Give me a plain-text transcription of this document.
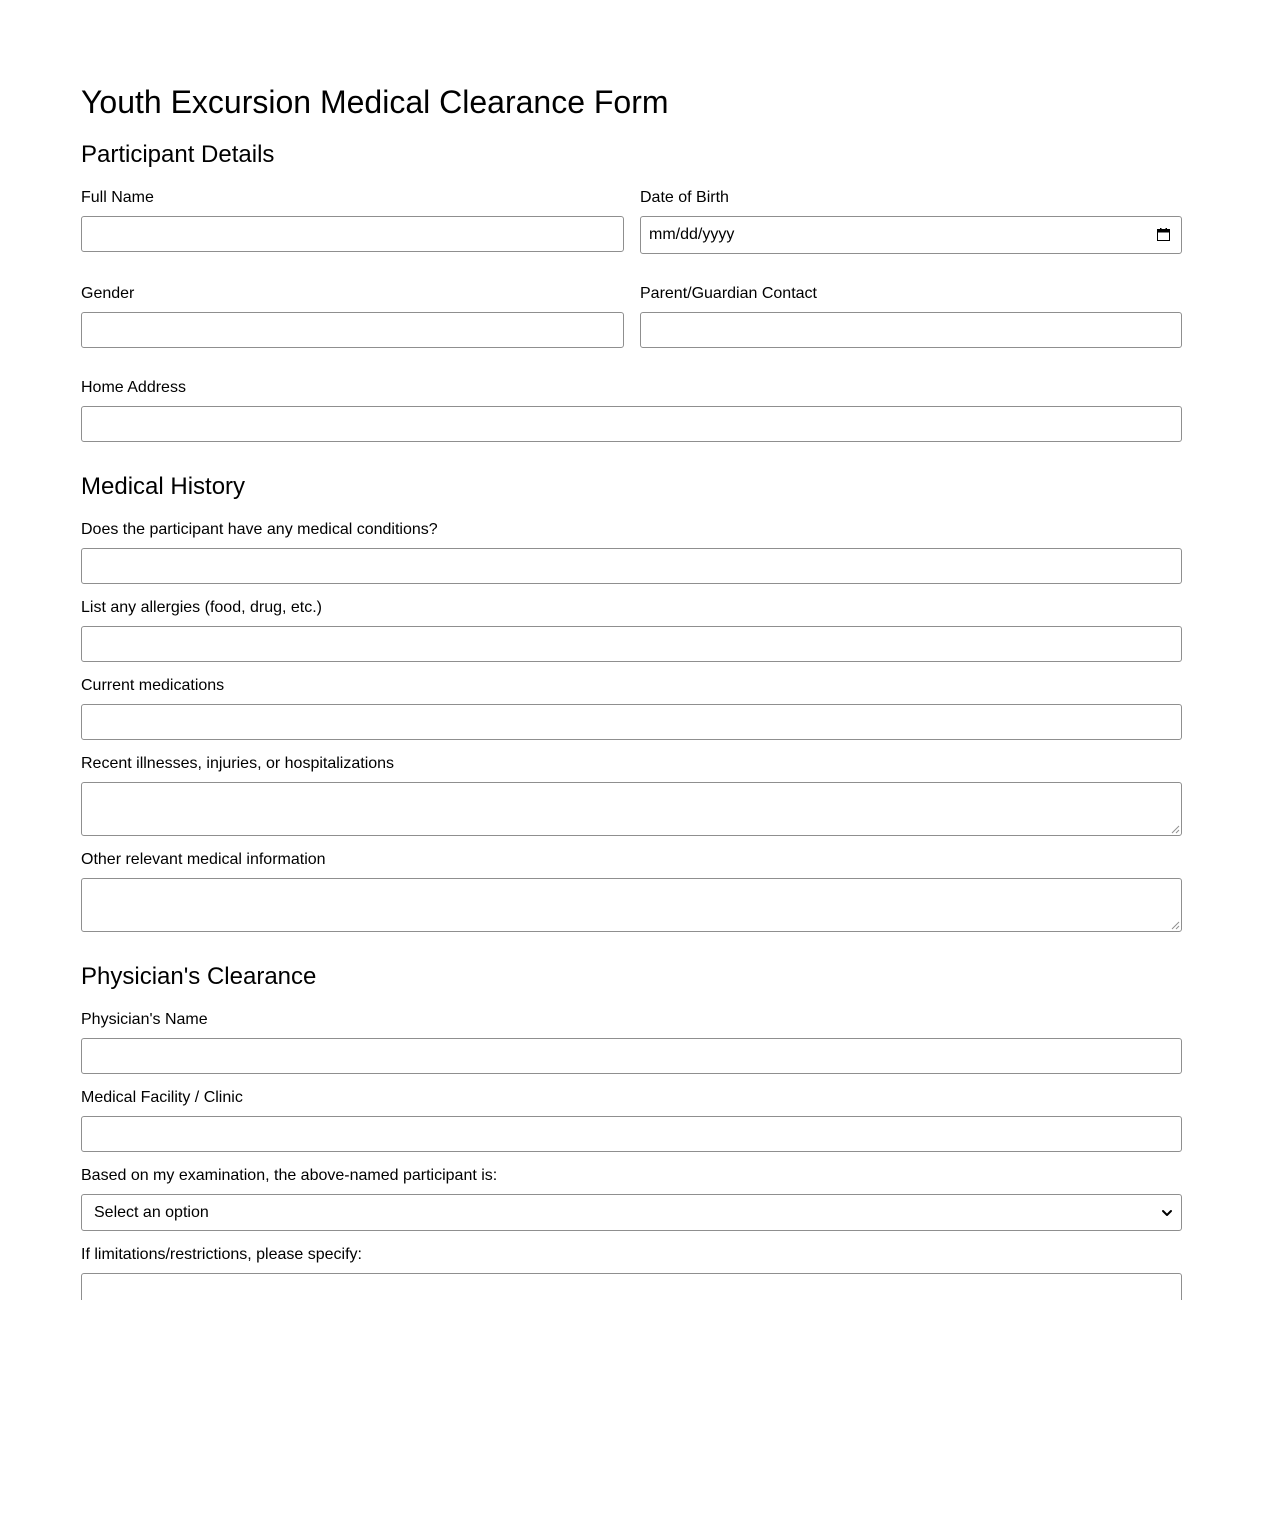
Youth Excursion Medical Clearance Form
Participant Details
Full Name	Date of Birth
mm/dd/yyyy
Gender	Parent/Guardian Contact
Home Address
Medical History
Does the participant have any medical conditions?
List any allergies (food, drug, etc.)
Current medications
Recent illnesses, injuries, or hospitalizations
Other relevant medical information
Physician's Clearance
Physician's Name
Medical Facility / Clinic
Based on my examination, the above-named participant is:
Select an option
If limitations/restrictions, please specify:
